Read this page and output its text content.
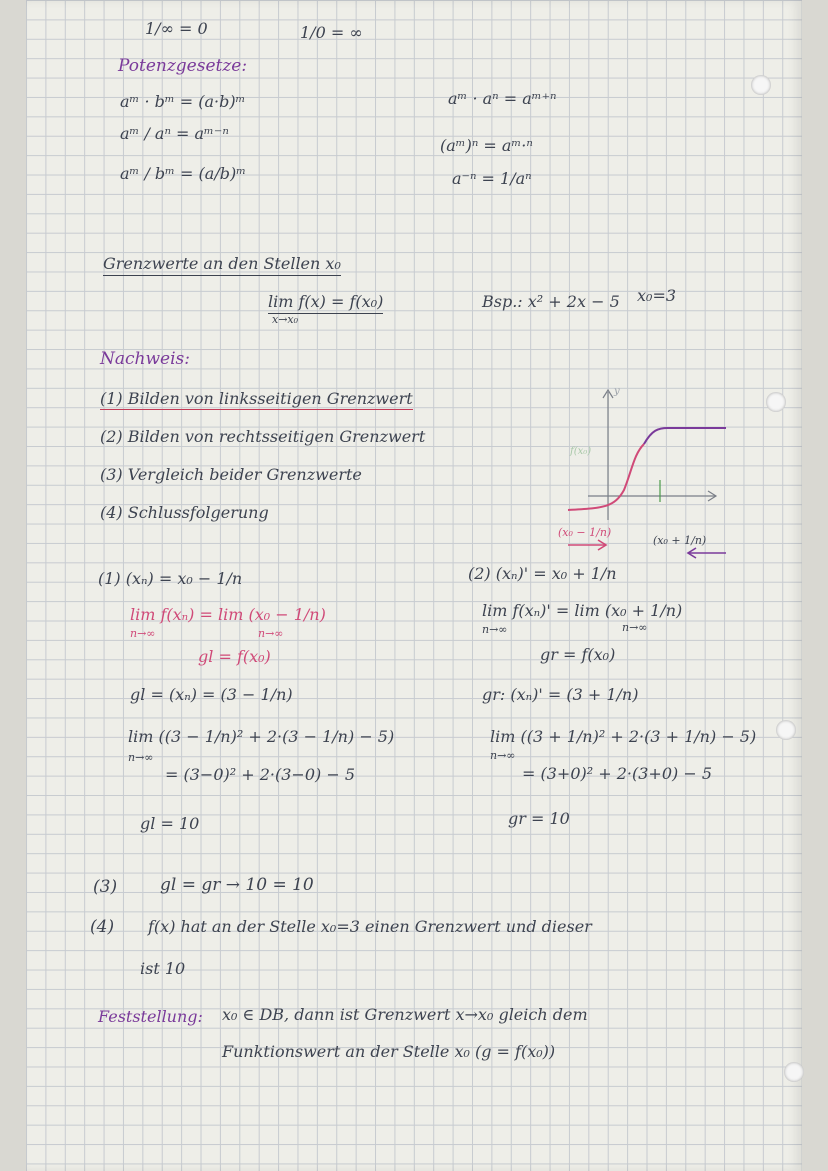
1/∞ = 0	1/0 = ∞
Potenzgesetze:
aᵐ · bᵐ = (a·b)ᵐ
aᵐ / aⁿ = aᵐ⁻ⁿ
aᵐ / bᵐ = (a/b)ᵐ
aᵐ · aⁿ = aᵐ⁺ⁿ
(aᵐ)ⁿ = aᵐ·ⁿ
a⁻ⁿ = 1/aⁿ
Grenzwerte an den Stellen x₀
lim f(x) = f(x₀)
x→x₀
Bsp.: x² + 2x − 5 x₀=3
Nachweis:
(1) Bilden von linksseitigen Grenzwert
(2) Bilden von rechtsseitigen Grenzwert
(3) Vergleich beider Grenzwerte
(4) Schlussfolgerung
y
f(x₀)
(x₀ − 1/n)
(x₀ + 1/n)
(1) (xₙ) = x₀ − 1/n
lim f(xₙ) = lim (x₀ − 1/n)
n→∞	n→∞
gl = f(x₀)
gl = (xₙ) = (3 − 1/n)
lim ((3 − 1/n)² + 2·(3 − 1/n) − 5)
n→∞
= (3−0)² + 2·(3−0) − 5
gl = 10
(2) (xₙ)' = x₀ + 1/n
lim f(xₙ)' = lim (x₀ + 1/n)
n→∞	n→∞
gr = f(x₀)
gr: (xₙ)' = (3 + 1/n)
lim ((3 + 1/n)² + 2·(3 + 1/n) − 5)
n→∞
= (3+0)² + 2·(3+0) − 5
gr = 10
(3)	gl = gr → 10 = 10
(4) f(x) hat an der Stelle x₀=3 einen Grenzwert und dieser
ist 10
Feststellung: x₀ ∈ DB, dann ist Grenzwert x→x₀ gleich dem
Funktionswert an der Stelle x₀ (g = f(x₀))
